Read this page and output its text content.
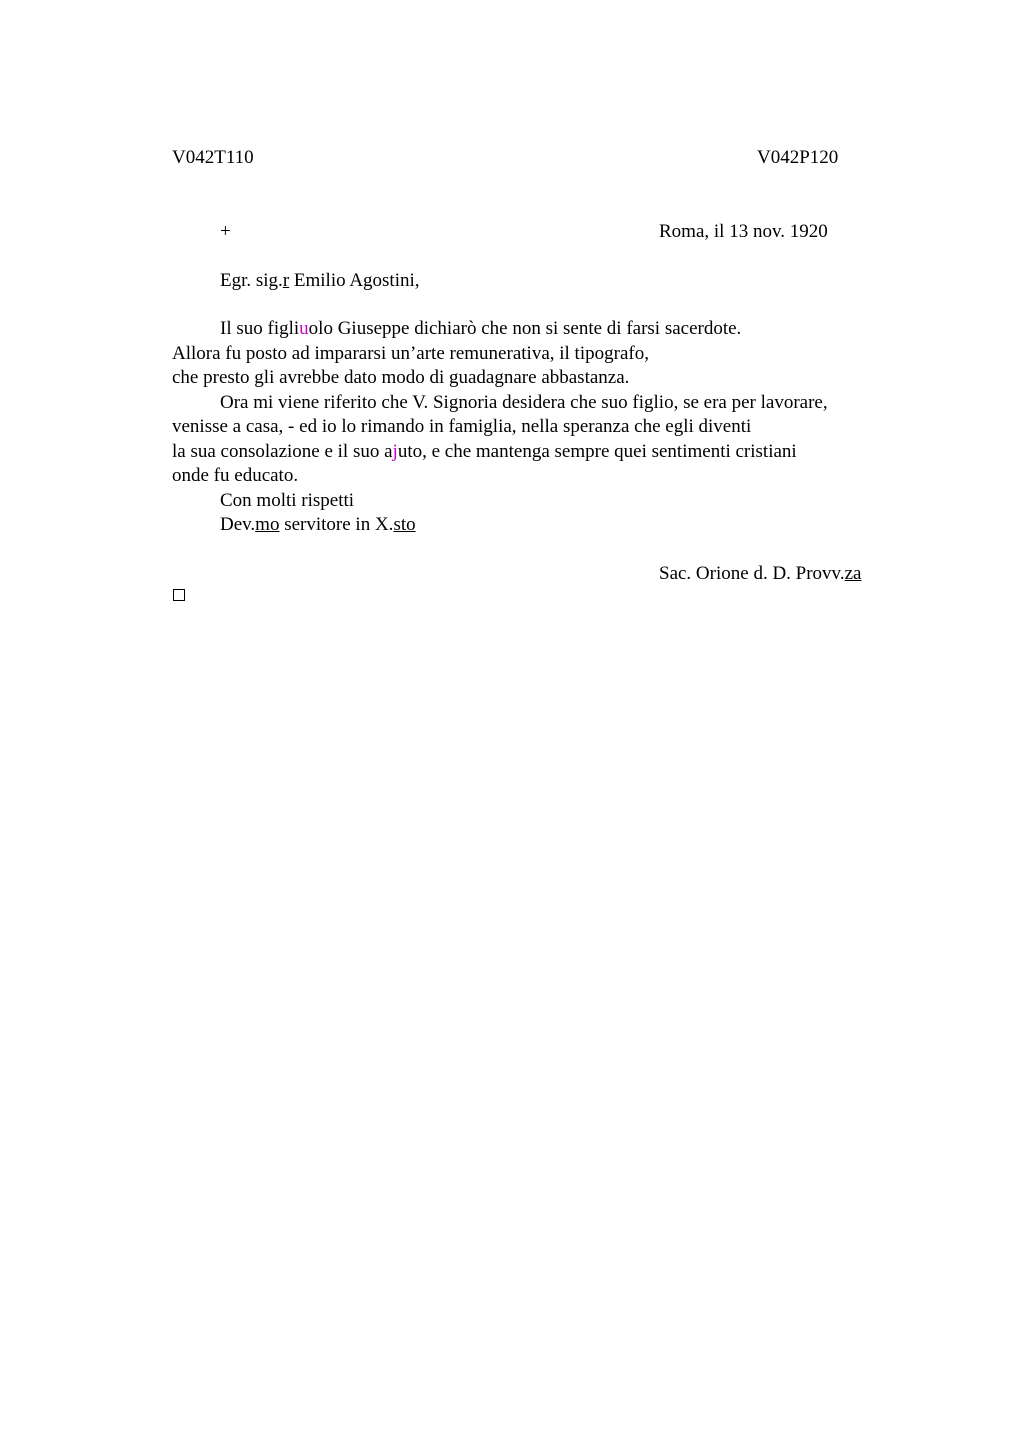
V042T110	V042P120
+	Roma, il 13 nov. 1920
Egr. sig.r Emilio Agostini,
Il suo figliuolo Giuseppe dichiarò che non si sente di farsi sacerdote.
Allora fu posto ad impararsi un’arte remunerativa, il tipografo,
che presto gli avrebbe dato modo di guadagnare abbastanza.
Ora mi viene riferito che V. Signoria desidera che suo figlio, se era per lavorare,
venisse a casa, - ed io lo rimando in famiglia, nella speranza che egli diventi
la sua consolazione e il suo ajuto, e che mantenga sempre quei sentimenti cristiani
onde fu educato.
Con molti rispetti
Dev.mo servitore in X.sto
Sac. Orione d. D. Provv.za
